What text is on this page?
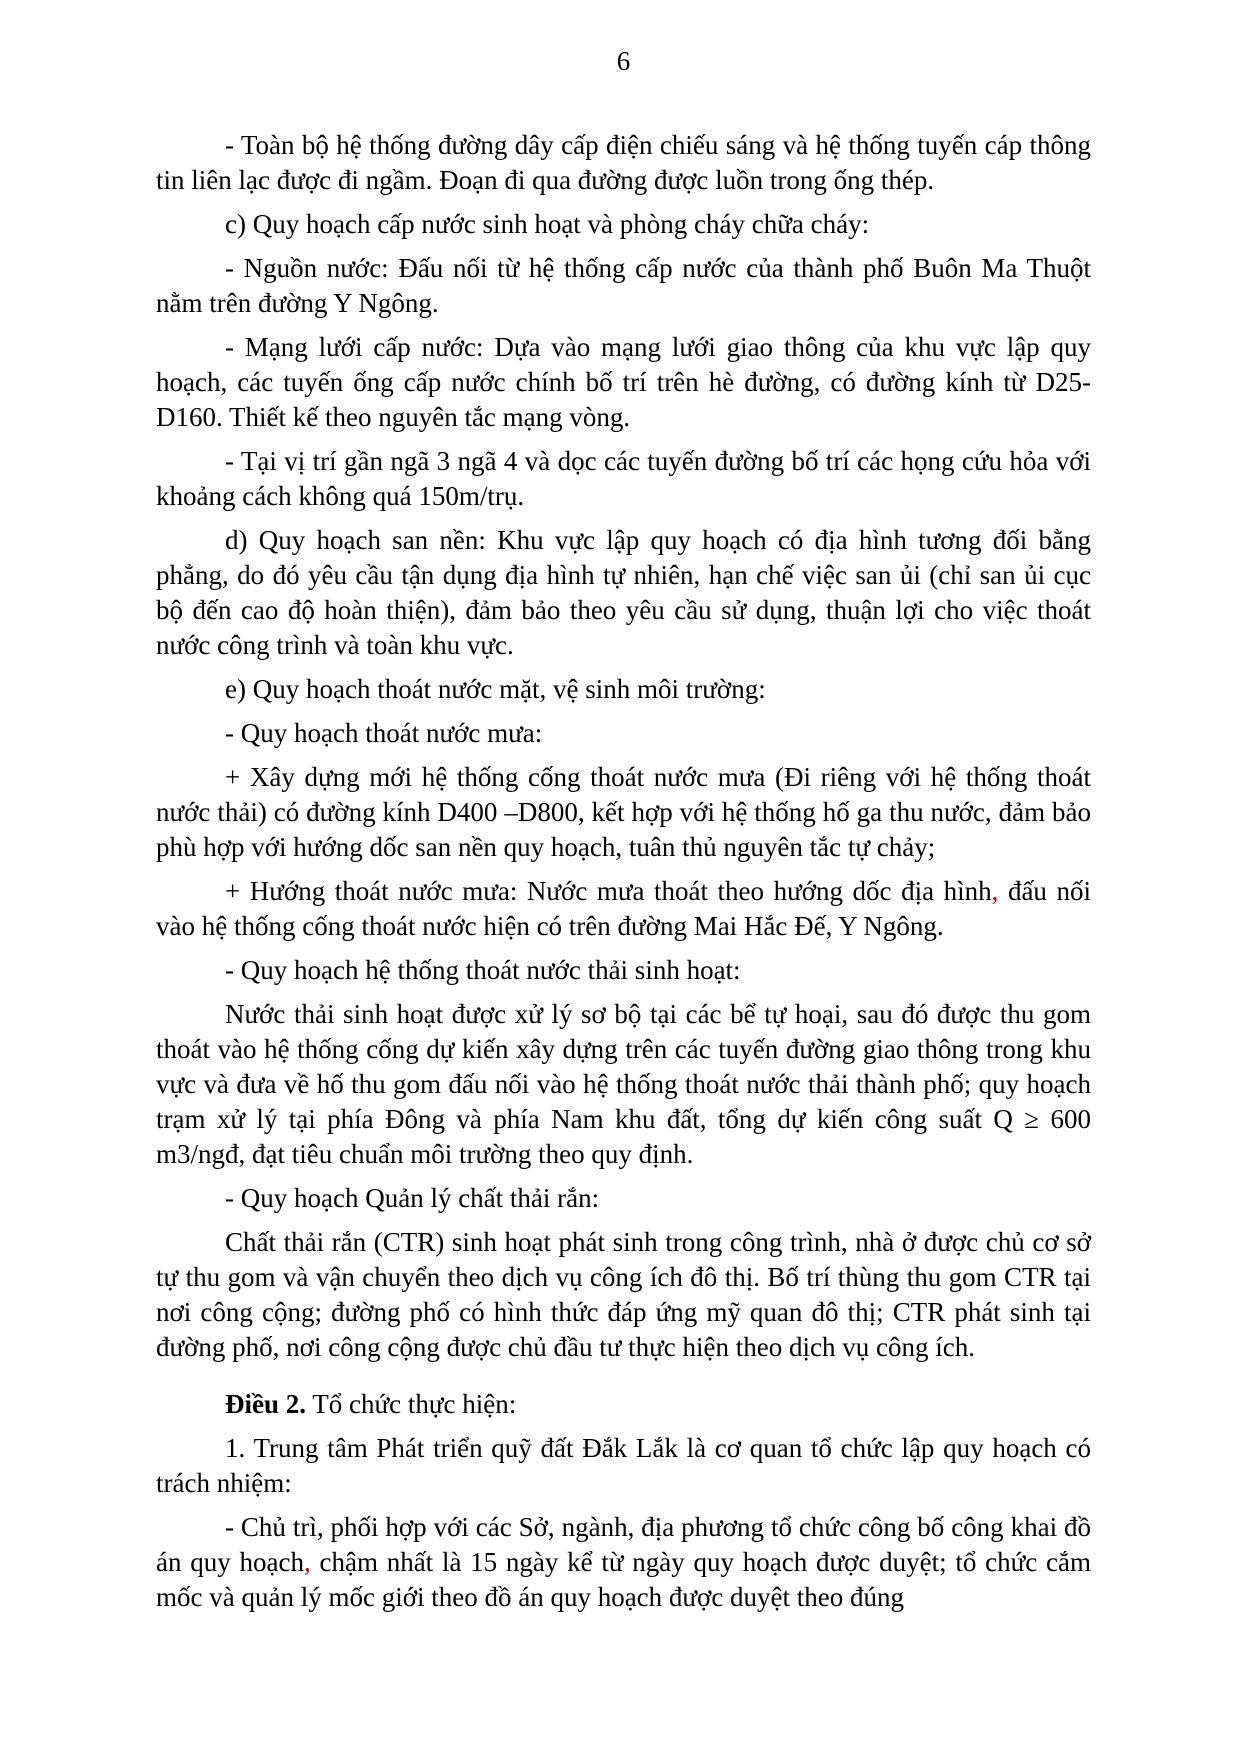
6

- Toàn bộ hệ thống đường dây cấp điện chiếu sáng và hệ thống tuyến cáp thông tin liên lạc được đi ngầm. Đoạn đi qua đường được luồn trong ống thép.

c) Quy hoạch cấp nước sinh hoạt và phòng cháy chữa cháy:

- Nguồn nước: Đấu nối từ hệ thống cấp nước của thành phố Buôn Ma Thuột nằm trên đường Y Ngông.

- Mạng lưới cấp nước: Dựa vào mạng lưới giao thông của khu vực lập quy hoạch, các tuyến ống cấp nước chính bố trí trên hè đường, có đường kính từ D25- D160. Thiết kế theo nguyên tắc mạng vòng.

- Tại vị trí gần ngã 3 ngã 4 và dọc các tuyến đường bố trí các họng cứu hỏa với khoảng cách không quá 150m/trụ.

d) Quy hoạch san nền: Khu vực lập quy hoạch có địa hình tương đối bằng phẳng, do đó yêu cầu tận dụng địa hình tự nhiên, hạn chế việc san ủi (chỉ san ủi cục bộ đến cao độ hoàn thiện), đảm bảo theo yêu cầu sử dụng, thuận lợi cho việc thoát nước công trình và toàn khu vực.

e) Quy hoạch thoát nước mặt, vệ sinh môi trường:

- Quy hoạch thoát nước mưa:

+ Xây dựng mới hệ thống cống thoát nước mưa (Đi riêng với hệ thống thoát nước thải) có đường kính D400 –D800, kết hợp với hệ thống hố ga thu nước, đảm bảo phù hợp với hướng dốc san nền quy hoạch, tuân thủ nguyên tắc tự chảy;

+ Hướng thoát nước mưa: Nước mưa thoát theo hướng dốc địa hình, đấu nối vào hệ thống cống thoát nước hiện có trên đường Mai Hắc Đế, Y Ngông.

- Quy hoạch hệ thống thoát nước thải sinh hoạt:

Nước thải sinh hoạt được xử lý sơ bộ tại các bể tự hoại, sau đó được thu gom thoát vào hệ thống cống dự kiến xây dựng trên các tuyến đường giao thông trong khu vực và đưa về hố thu gom đấu nối vào hệ thống thoát nước thải thành phố; quy hoạch trạm xử lý tại phía Đông và phía Nam khu đất, tổng dự kiến công suất Q ≥ 600 m3/ngđ, đạt tiêu chuẩn môi trường theo quy định.

- Quy hoạch Quản lý chất thải rắn:

Chất thải rắn (CTR) sinh hoạt phát sinh trong công trình, nhà ở được chủ cơ sở tự thu gom và vận chuyển theo dịch vụ công ích đô thị. Bố trí thùng thu gom CTR tại nơi công cộng; đường phố có hình thức đáp ứng mỹ quan đô thị; CTR phát sinh tại đường phố, nơi công cộng được chủ đầu tư thực hiện theo dịch vụ công ích.

Điều 2. Tổ chức thực hiện:

1. Trung tâm Phát triển quỹ đất Đắk Lắk là cơ quan tổ chức lập quy hoạch có trách nhiệm:

- Chủ trì, phối hợp với các Sở, ngành, địa phương tổ chức công bố công khai đồ án quy hoạch, chậm nhất là 15 ngày kể từ ngày quy hoạch được duyệt; tổ chức cắm mốc và quản lý mốc giới theo đồ án quy hoạch được duyệt theo đúng
